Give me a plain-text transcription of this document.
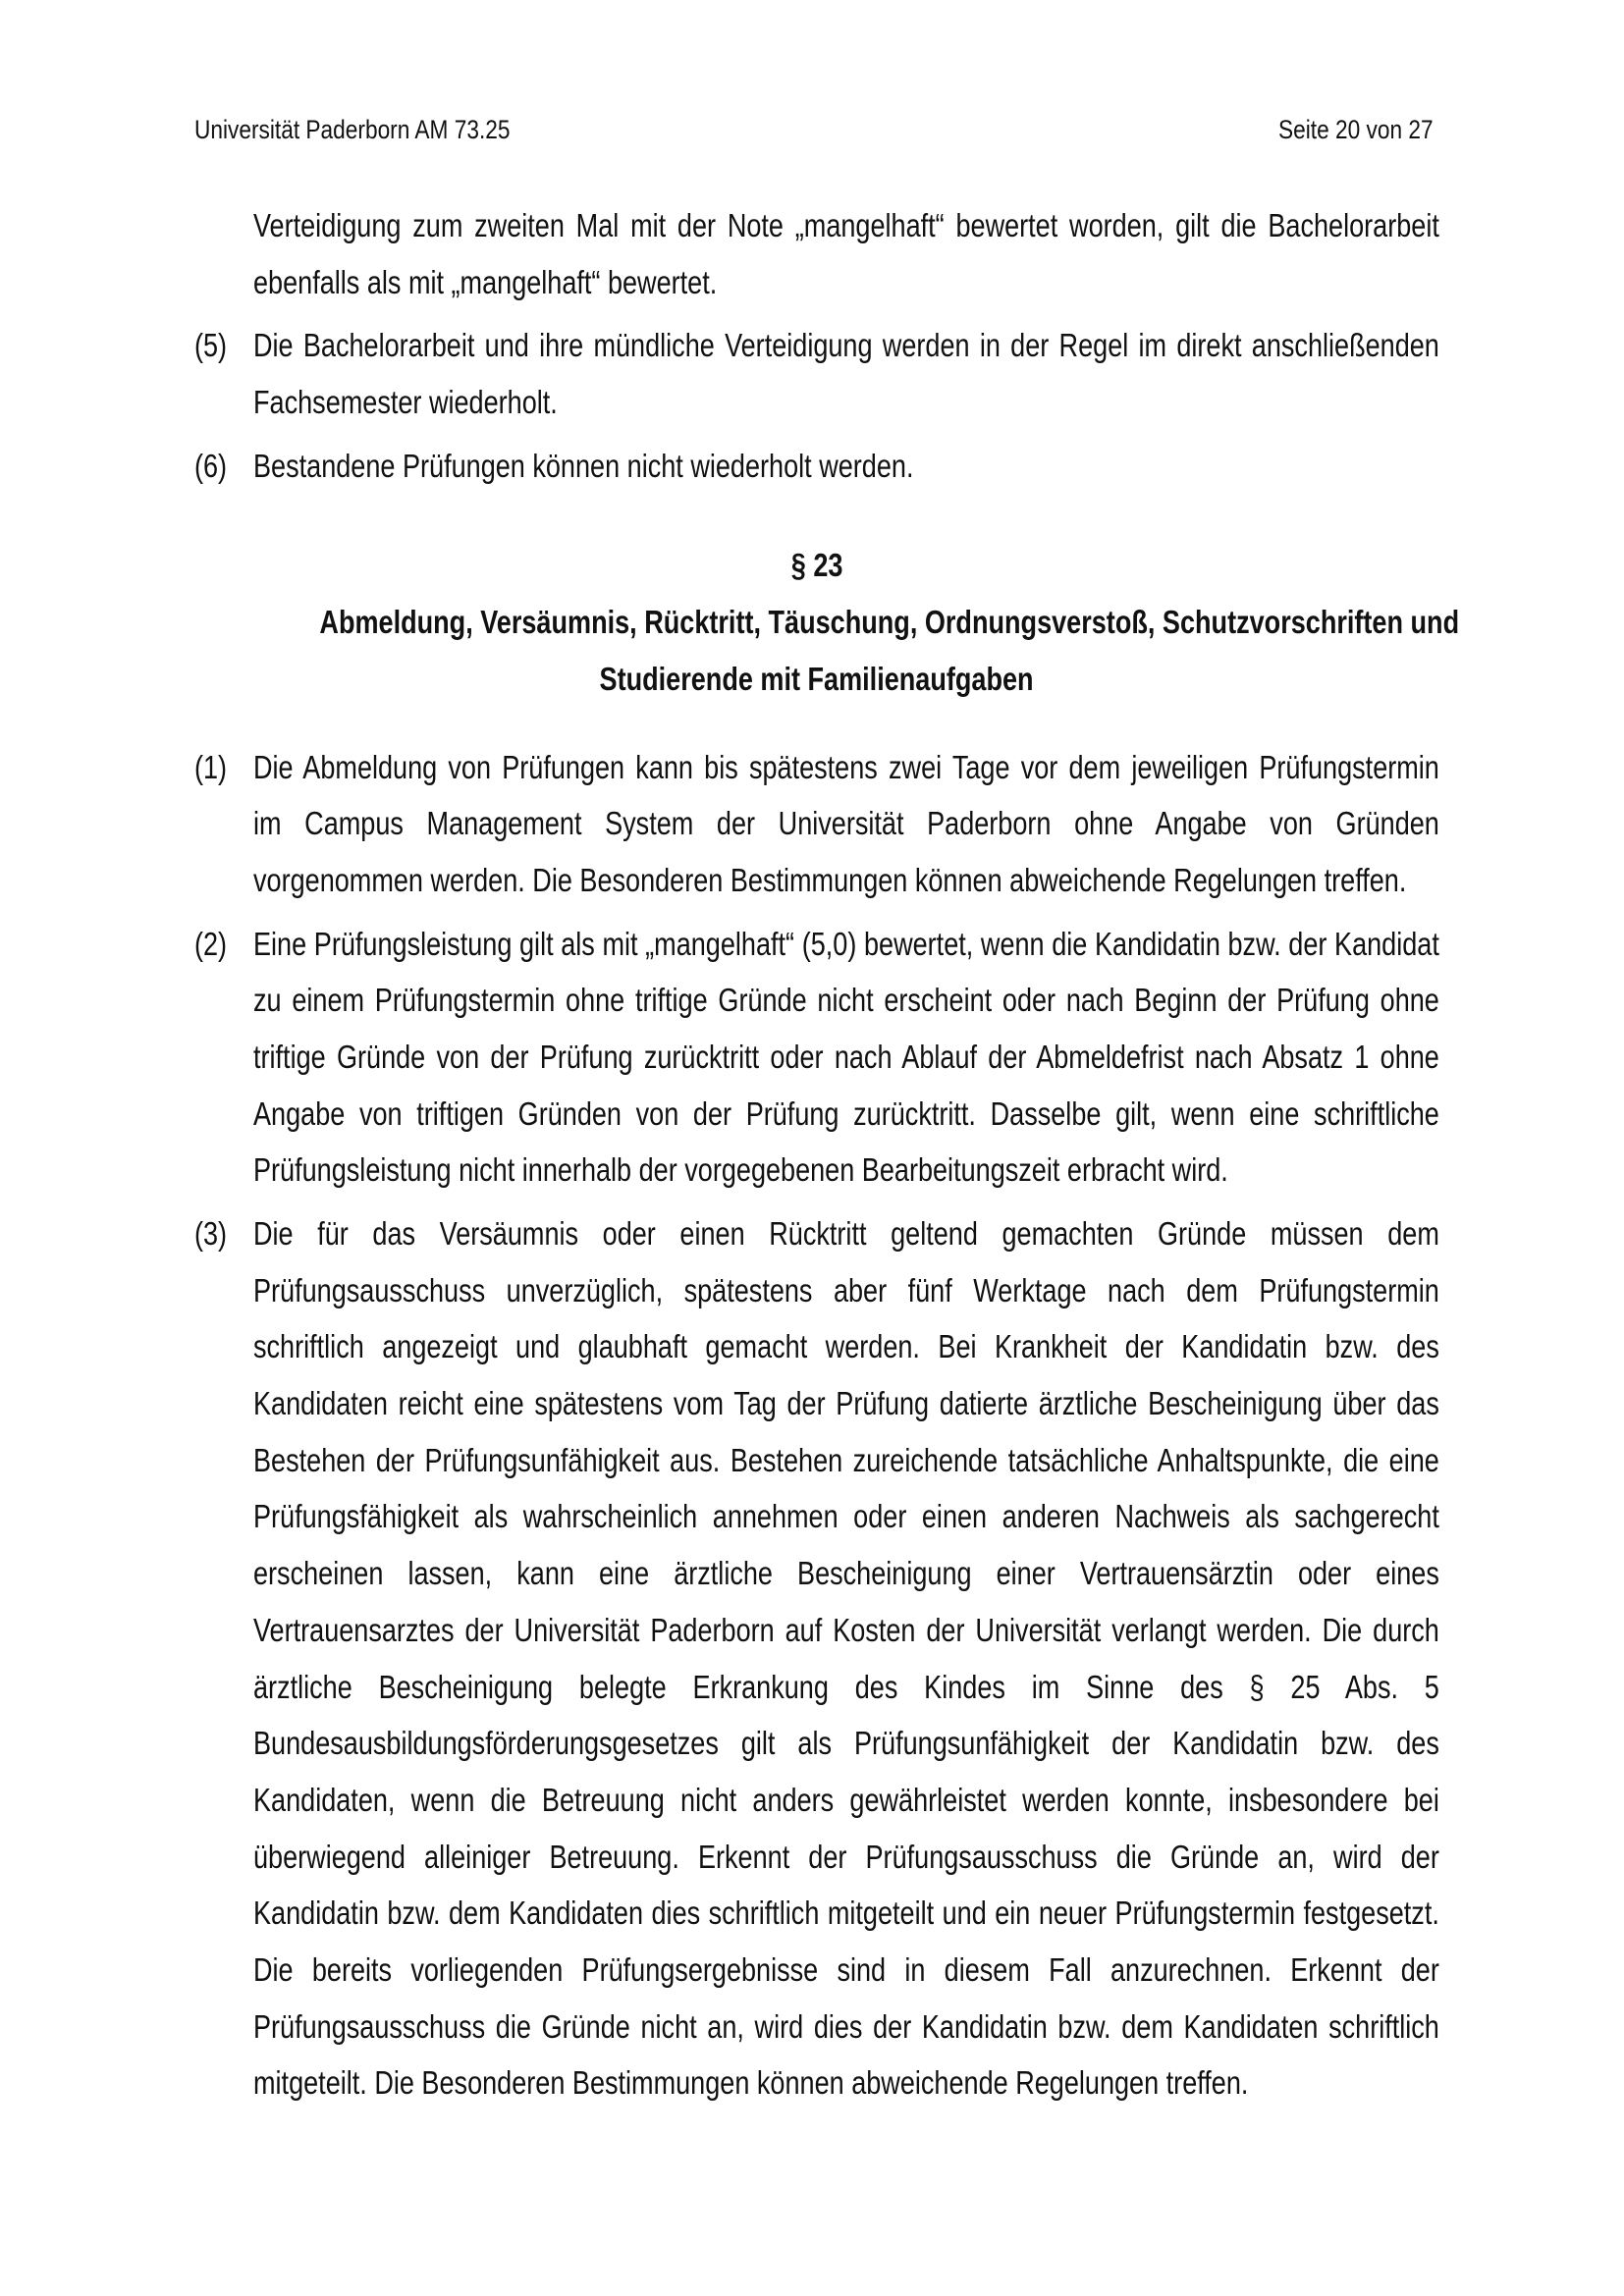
Universität Paderborn AM 73.25	Seite 20 von 27
Verteidigung zum zweiten Mal mit der Note „mangelhaft“ bewertet worden, gilt die Bachelorarbeit
ebenfalls als mit „mangelhaft“ bewertet.
(5) Die Bachelorarbeit und ihre mündliche Verteidigung werden in der Regel im direkt anschließenden
Fachsemester wiederholt.
(6) Bestandene Prüfungen können nicht wiederholt werden.
§ 23
Abmeldung, Versäumnis, Rücktritt, Täuschung, Ordnungsverstoß, Schutzvorschriften und
Studierende mit Familienaufgaben
(1) Die Abmeldung von Prüfungen kann bis spätestens zwei Tage vor dem jeweiligen Prüfungstermin
im Campus Management System der Universität Paderborn ohne Angabe von Gründen
vorgenommen werden. Die Besonderen Bestimmungen können abweichende Regelungen treffen.
(2) Eine Prüfungsleistung gilt als mit „mangelhaft“ (5,0) bewertet, wenn die Kandidatin bzw. der Kandidat
zu einem Prüfungstermin ohne triftige Gründe nicht erscheint oder nach Beginn der Prüfung ohne
triftige Gründe von der Prüfung zurücktritt oder nach Ablauf der Abmeldefrist nach Absatz 1 ohne
Angabe von triftigen Gründen von der Prüfung zurücktritt. Dasselbe gilt, wenn eine schriftliche
Prüfungsleistung nicht innerhalb der vorgegebenen Bearbeitungszeit erbracht wird.
(3) Die für das Versäumnis oder einen Rücktritt geltend gemachten Gründe müssen dem
Prüfungsausschuss unverzüglich, spätestens aber fünf Werktage nach dem Prüfungstermin
schriftlich angezeigt und glaubhaft gemacht werden. Bei Krankheit der Kandidatin bzw. des
Kandidaten reicht eine spätestens vom Tag der Prüfung datierte ärztliche Bescheinigung über das
Bestehen der Prüfungsunfähigkeit aus. Bestehen zureichende tatsächliche Anhaltspunkte, die eine
Prüfungsfähigkeit als wahrscheinlich annehmen oder einen anderen Nachweis als sachgerecht
erscheinen lassen, kann eine ärztliche Bescheinigung einer Vertrauensärztin oder eines
Vertrauensarztes der Universität Paderborn auf Kosten der Universität verlangt werden. Die durch
ärztliche Bescheinigung belegte Erkrankung des Kindes im Sinne des § 25 Abs. 5
Bundesausbildungsförderungsgesetzes gilt als Prüfungsunfähigkeit der Kandidatin bzw. des
Kandidaten, wenn die Betreuung nicht anders gewährleistet werden konnte, insbesondere bei
überwiegend alleiniger Betreuung. Erkennt der Prüfungsausschuss die Gründe an, wird der
Kandidatin bzw. dem Kandidaten dies schriftlich mitgeteilt und ein neuer Prüfungstermin festgesetzt.
Die bereits vorliegenden Prüfungsergebnisse sind in diesem Fall anzurechnen. Erkennt der
Prüfungsausschuss die Gründe nicht an, wird dies der Kandidatin bzw. dem Kandidaten schriftlich
mitgeteilt. Die Besonderen Bestimmungen können abweichende Regelungen treffen.
